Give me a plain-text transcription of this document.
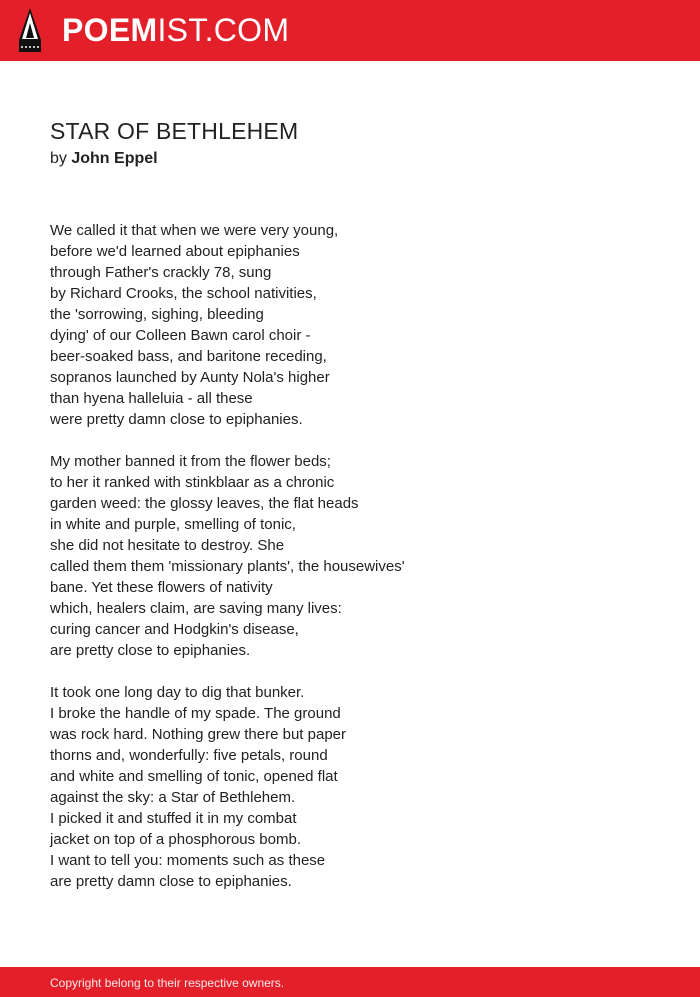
POEMIST.COM
STAR OF BETHLEHEM
by John Eppel
We called it that when we were very young,
before we'd learned about epiphanies
through Father's crackly 78, sung
by Richard Crooks, the school nativities,
the 'sorrowing, sighing, bleeding
dying' of our Colleen Bawn carol choir -
beer-soaked bass, and baritone receding,
sopranos launched by Aunty Nola's higher
than hyena halleluia - all these
were pretty damn close to epiphanies.
My mother banned it from the flower beds;
to her it ranked with stinkblaar as a chronic
garden weed: the glossy leaves, the flat heads
in white and purple, smelling of tonic,
she did not hesitate to destroy. She
called them them 'missionary plants', the housewives'
bane. Yet these flowers of nativity
which, healers claim, are saving many lives:
curing cancer and Hodgkin's disease,
are pretty close to epiphanies.
It took one long day to dig that bunker.
I broke the handle of my spade. The ground
was rock hard. Nothing grew there but paper
thorns and, wonderfully: five petals, round
and white and smelling of tonic, opened flat
against the sky: a Star of Bethlehem.
I picked it and stuffed it in my combat
jacket on top of a phosphorous bomb.
I want to tell you: moments such as these
are pretty damn close to epiphanies.
Copyright belong to their respective owners.
